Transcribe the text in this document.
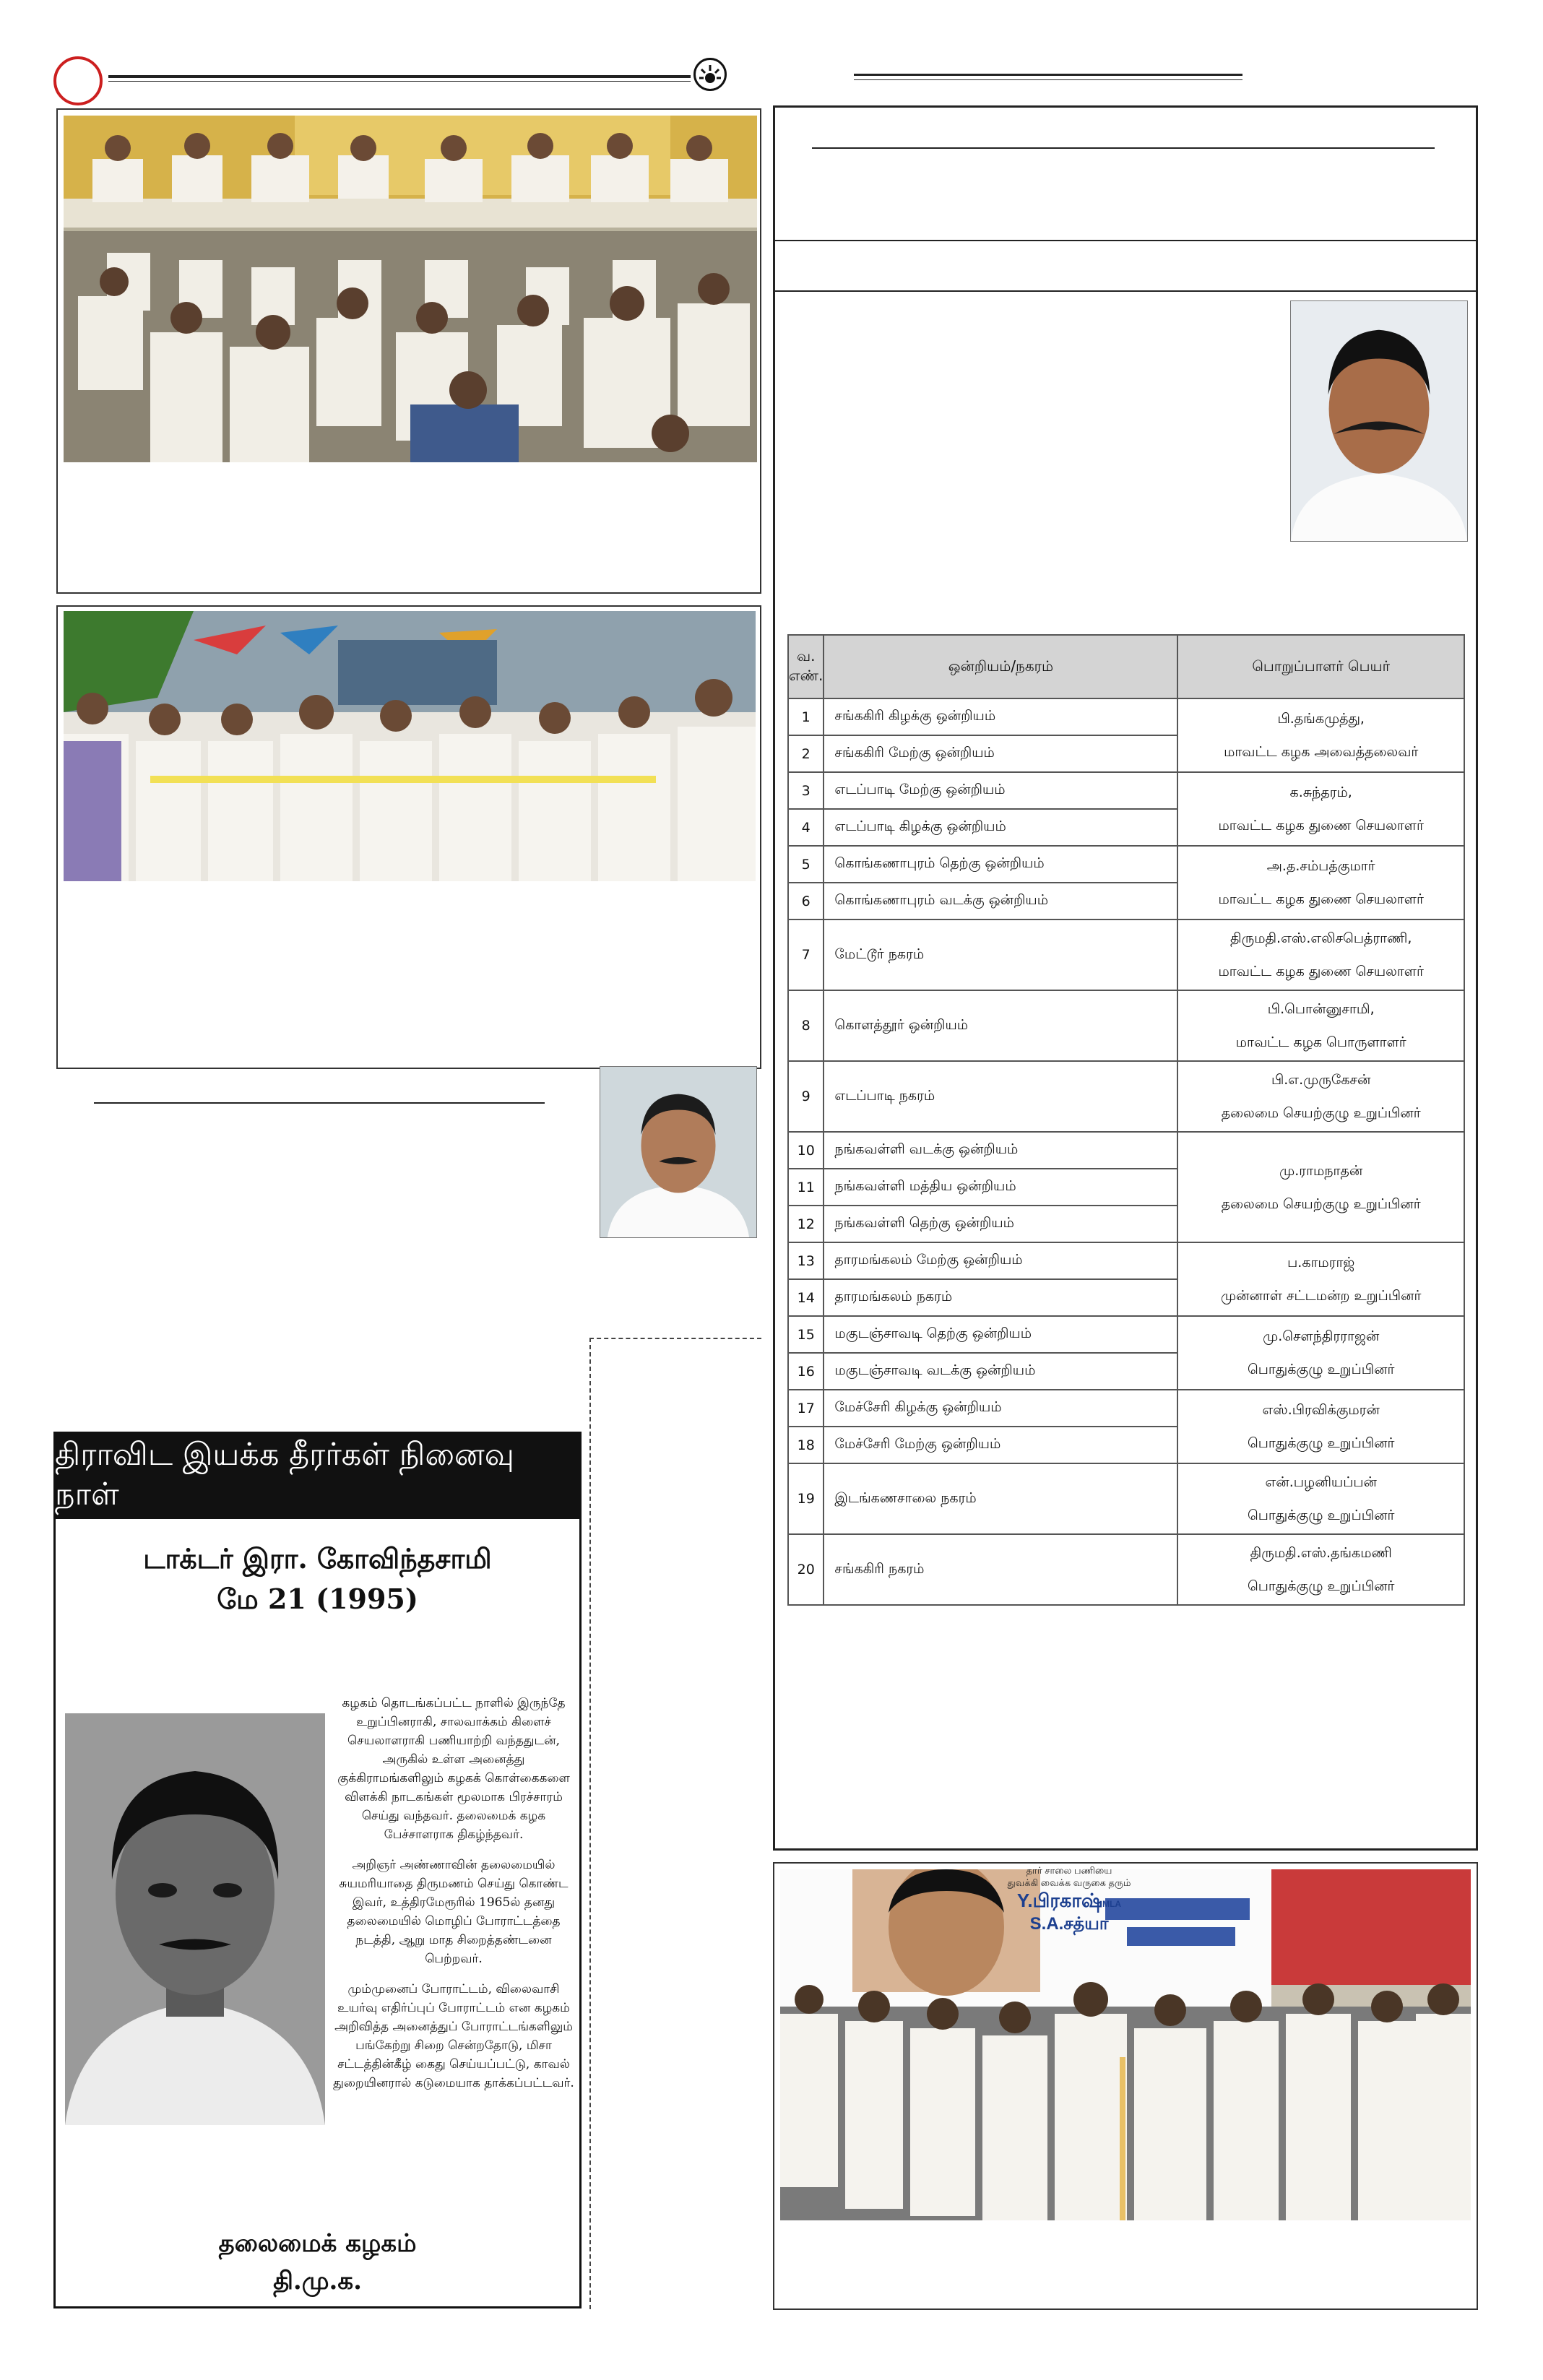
திராவிட இயக்க தீரர்கள் நினைவு நாள்
டாக்டர் இரா. கோவிந்தசாமி
மே 21 (1995)

கழகம் தொடங்கப்பட்ட நாளில் இருந்தே உறுப்பினராகி, சாலவாக்கம் கிளைச் செயலாளராகி பணியாற்றி வந்ததுடன், அருகில் உள்ள அனைத்து குக்கிராமங்களிலும் கழகக் கொள்கைகளை விளக்கி நாடகங்கள் மூலமாக பிரச்சாரம் செய்து வந்தவர். தலைமைக் கழக பேச்சாளராக திகழ்ந்தவர்.

அறிஞர் அண்ணாவின் தலைமையில் சுயமரியாதை திருமணம் செய்து கொண்ட இவர், உத்திரமேரூரில் 1965ல் தனது தலைமையில் மொழிப் போராட்டத்தை நடத்தி, ஆறு மாத சிறைத்தண்டனை பெற்றவர்.

மும்முனைப் போராட்டம், விலைவாசி உயர்வு எதிர்ப்புப் போராட்டம் என கழகம் அறிவித்த அனைத்துப் போராட்டங்களிலும் பங்கேற்று சிறை சென்றதோடு, மிசா சட்டத்தின்கீழ் கைது செய்யப்பட்டு, காவல் துறையினரால் கடுமையாக தாக்கப்பட்டவர்.

தலைமைக் கழகம்
தி.மு.க.
வ. எண்.	ஒன்றியம்/நகரம்	பொறுப்பாளர் பெயர்
1	சங்ககிரி கிழக்கு ஒன்றியம்	பி.தங்கமுத்து,
மாவட்ட கழக அவைத்தலைவர்

2	சங்ககிரி மேற்கு ஒன்றியம்	
3	எடப்பாடி மேற்கு ஒன்றியம்	க.சுந்தரம்,
மாவட்ட கழக துணை செயலாளர்

4	எடப்பாடி கிழக்கு ஒன்றியம்	
5	கொங்கணாபுரம் தெற்கு ஒன்றியம்	அ.த.சம்பத்குமார்
மாவட்ட கழக துணை செயலாளர்

6	கொங்கணாபுரம் வடக்கு ஒன்றியம்	
7	மேட்டூர் நகரம்	திருமதி.எஸ்.எலிசபெத்ராணி,
மாவட்ட கழக துணை செயலாளர்

8	கொளத்தூர் ஒன்றியம்	பி.பொன்னுசாமி,
மாவட்ட கழக பொருளாளர்

9	எடப்பாடி நகரம்	பி.எ.முருகேசன்
தலைமை செயற்குழு உறுப்பினர்

10	நங்கவள்ளி வடக்கு ஒன்றியம்	மு.ராமநாதன்
தலைமை செயற்குழு உறுப்பினர்

11	நங்கவள்ளி மத்திய ஒன்றியம்	
12	நங்கவள்ளி தெற்கு ஒன்றியம்	
13	தாரமங்கலம் மேற்கு ஒன்றியம்	ப.காமராஜ்
முன்னாள் சட்டமன்ற உறுப்பினர்

14	தாரமங்கலம் நகரம்	
15	மகுடஞ்சாவடி தெற்கு ஒன்றியம்	மு.சௌந்திரராஜன்
பொதுக்குழு உறுப்பினர்

16	மகுடஞ்சாவடி வடக்கு ஒன்றியம்	
17	மேச்சேரி கிழக்கு ஒன்றியம்	எஸ்.பிரவிக்குமரன்
பொதுக்குழு உறுப்பினர்

18	மேச்சேரி மேற்கு ஒன்றியம்	
19	இடங்கணசாலை நகரம்	என்.பழனியப்பன்
பொதுக்குழு உறுப்பினர்

20	சங்ககிரி நகரம்	திருமதி.எஸ்.தங்கமணி
பொதுக்குழு உறுப்பினர்
தார் சாலை பணியை
துவக்கி வைக்க வருகை தரும்
Y.பிரகாஷ்MLA
S.A.சத்யா
